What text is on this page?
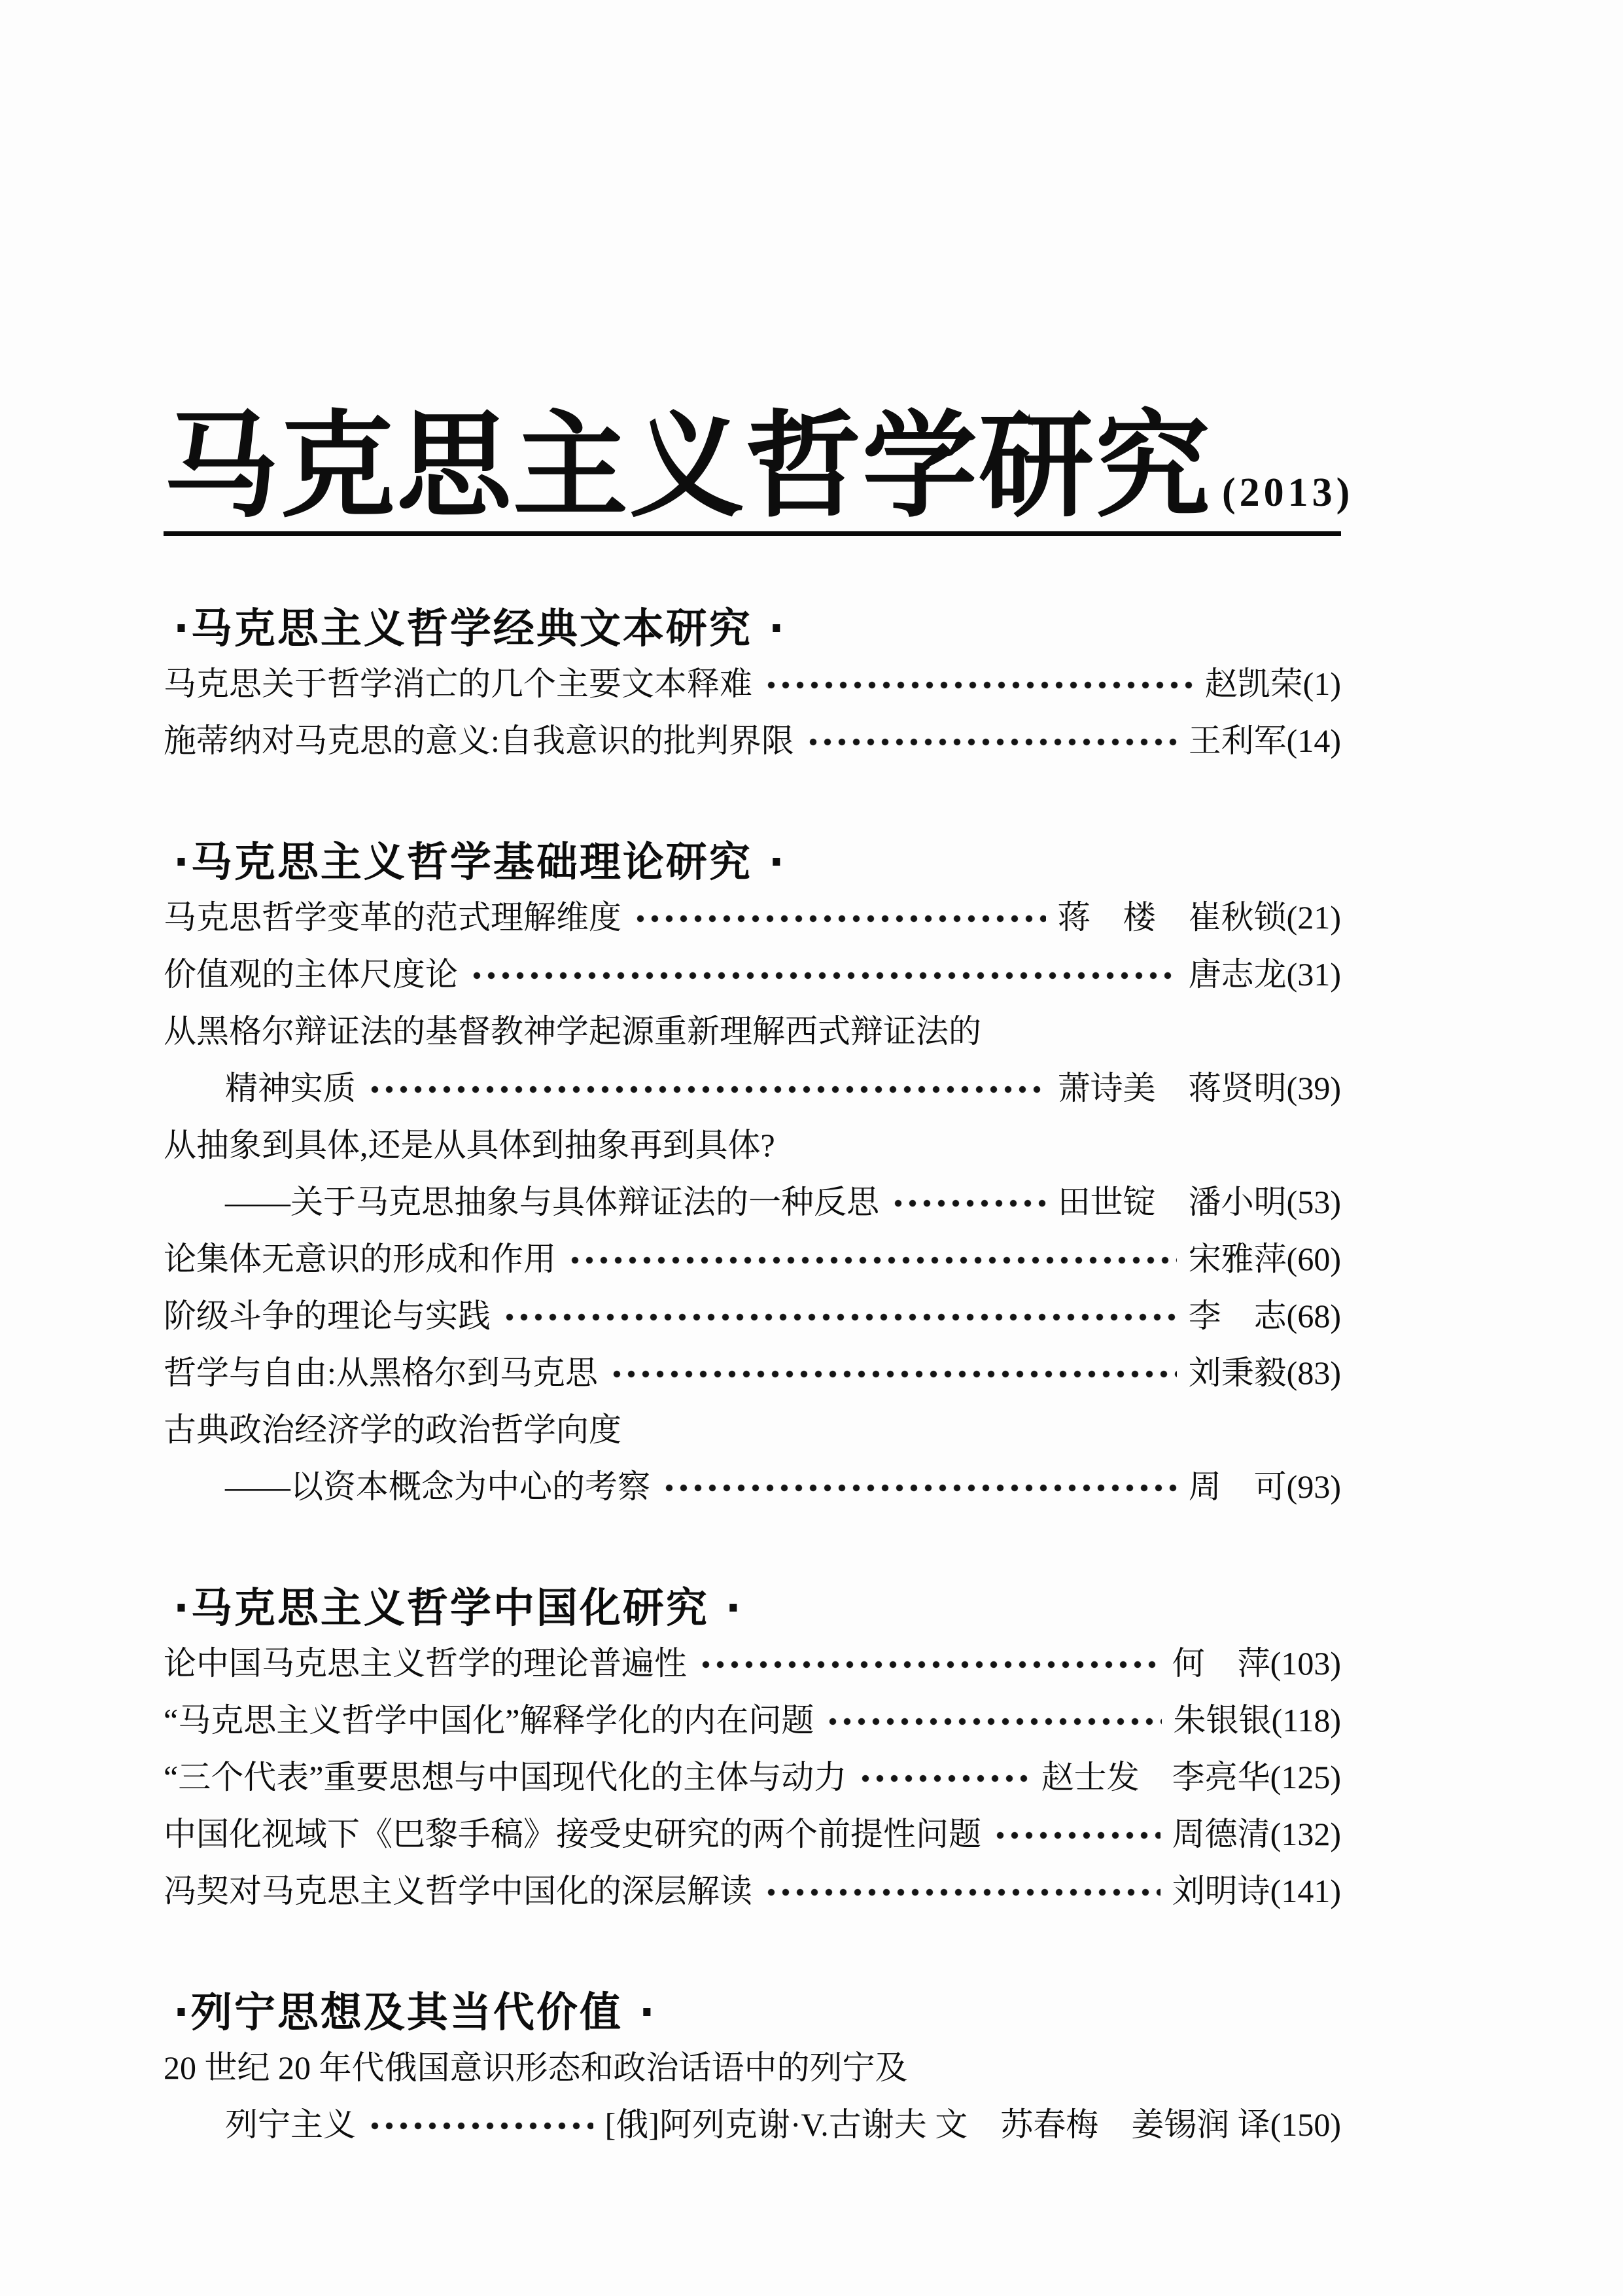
马克思主义哲学研究 (2013)
·马克思主义哲学经典文本研究 ·
马克思关于哲学消亡的几个主要文本释难	赵凯荣(1)
施蒂纳对马克思的意义:自我意识的批判界限	王利军(14)
·马克思主义哲学基础理论研究 ·
马克思哲学变革的范式理解维度	蒋　楼　崔秋锁(21)
价值观的主体尺度论	唐志龙(31)
从黑格尔辩证法的基督教神学起源重新理解西式辩证法的
精神实质	萧诗美　蒋贤明(39)
从抽象到具体,还是从具体到抽象再到具体?
——关于马克思抽象与具体辩证法的一种反思	田世锭　潘小明(53)
论集体无意识的形成和作用	宋雅萍(60)
阶级斗争的理论与实践	李　志(68)
哲学与自由:从黑格尔到马克思	刘秉毅(83)
古典政治经济学的政治哲学向度
——以资本概念为中心的考察	周　可(93)
·马克思主义哲学中国化研究 ·
论中国马克思主义哲学的理论普遍性	何　萍(103)
“马克思主义哲学中国化”解释学化的内在问题	朱银银(118)
“三个代表”重要思想与中国现代化的主体与动力	赵士发　李亮华(125)
中国化视域下《巴黎手稿》接受史研究的两个前提性问题	周德清(132)
冯契对马克思主义哲学中国化的深层解读	刘明诗(141)
·列宁思想及其当代价值 ·
20 世纪 20 年代俄国意识形态和政治话语中的列宁及
列宁主义	[俄]阿列克谢·V.古谢夫 文　苏春梅　姜锡润 译(150)
